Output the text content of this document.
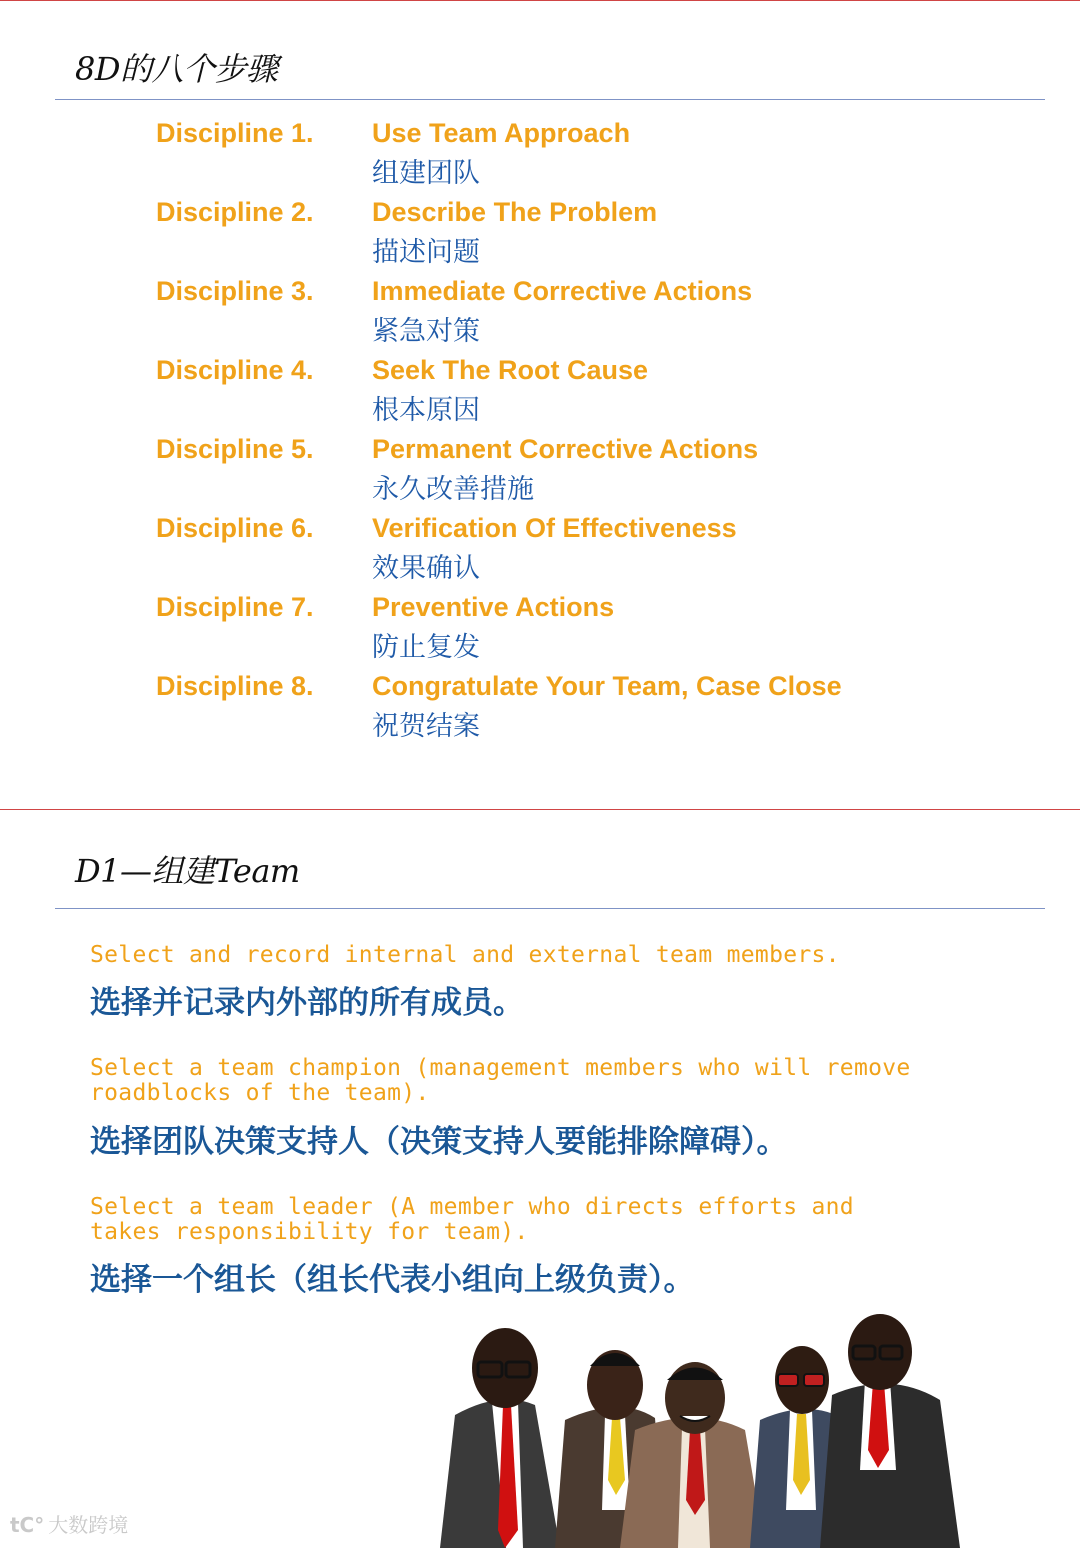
8D的八个步骤
Discipline 1. Use Team Approach
组建团队
Discipline 2. Describe The Problem
描述问题
Discipline 3. Immediate Corrective Actions
紧急对策
Discipline 4. Seek The Root Cause
根本原因
Discipline 5. Permanent Corrective Actions
永久改善措施
Discipline 6. Verification Of Effectiveness
效果确认
Discipline 7. Preventive Actions
防止复发
Discipline 8. Congratulate Your Team, Case Close
祝贺结案
D1—组建Team
Select and record internal and external team members.
选择并记录内外部的所有成员。
Select a team champion (management members who will remove
roadblocks of the team).
选择团队决策支持人（决策支持人要能排除障碍）。
Select a team leader (A member who directs efforts and
takes responsibility for team).
选择一个组长（组长代表小组向上级负责）。
tC° 大数跨境
